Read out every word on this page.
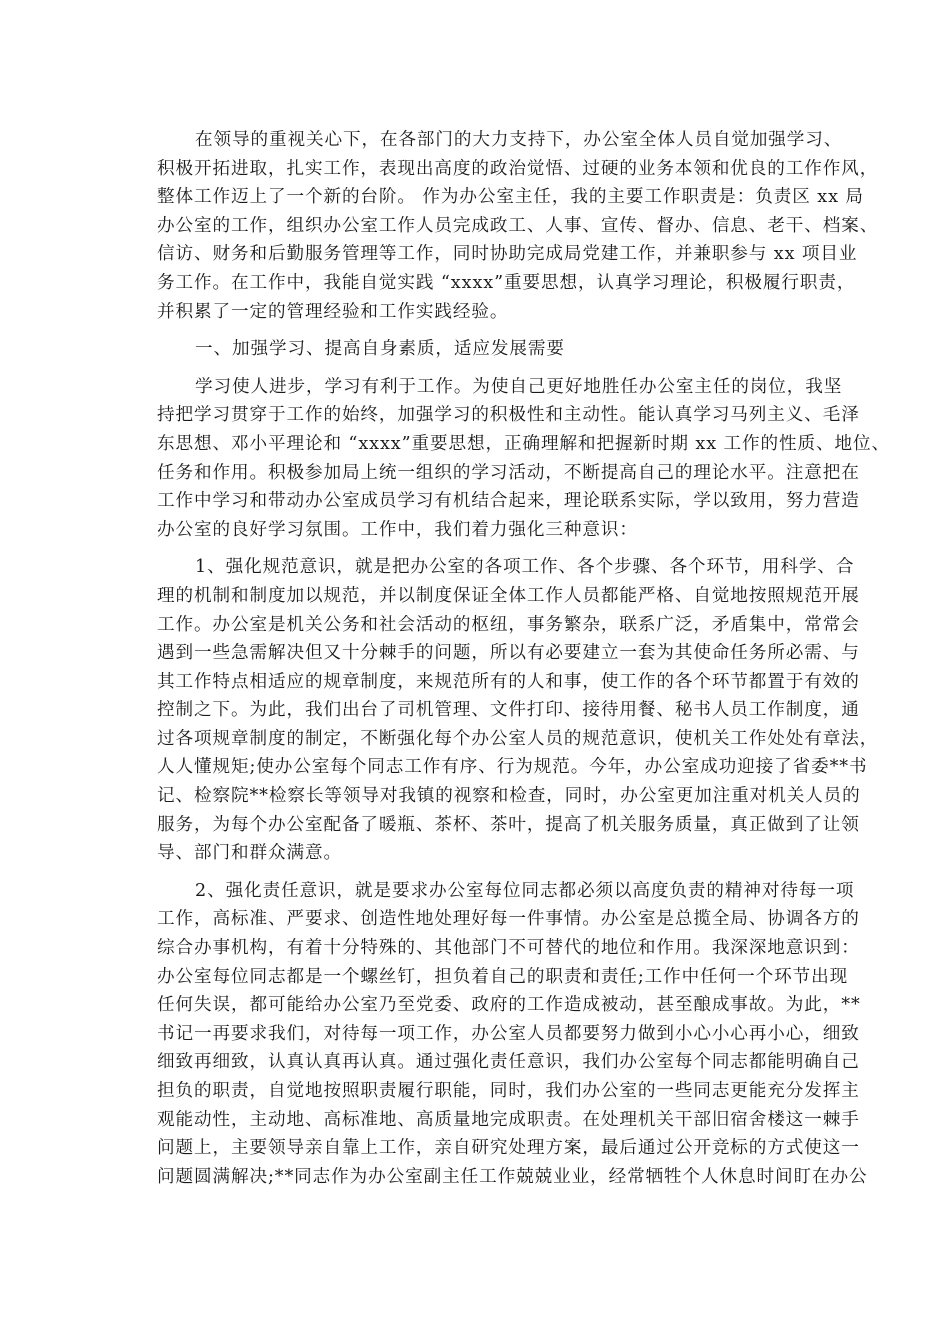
在领导的重视关心下，在各部门的大力支持下，办公室全体人员自觉加强学习、
积极开拓进取，扎实工作，表现出高度的政治觉悟、过硬的业务本领和优良的工作作风，
整体工作迈上了一个新的台阶。 作为办公室主任，我的主要工作职责是：负责区 xx 局
办公室的工作，组织办公室工作人员完成政工、人事、宣传、督办、信息、老干、档案、
信访、财务和后勤服务管理等工作，同时协助完成局党建工作，并兼职参与 xx 项目业
务工作。在工作中，我能自觉实践 “xxxx”重要思想，认真学习理论，积极履行职责，
并积累了一定的管理经验和工作实践经验。
一、加强学习、提高自身素质，适应发展需要
学习使人进步，学习有利于工作。为使自己更好地胜任办公室主任的岗位，我坚
持把学习贯穿于工作的始终，加强学习的积极性和主动性。能认真学习马列主义、毛泽
东思想、邓小平理论和 “xxxx”重要思想，正确理解和把握新时期 xx 工作的性质、地位、
任务和作用。积极参加局上统一组织的学习活动，不断提高自己的理论水平。注意把在
工作中学习和带动办公室成员学习有机结合起来，理论联系实际，学以致用，努力营造
办公室的良好学习氛围。工作中，我们着力强化三种意识：
1、强化规范意识，就是把办公室的各项工作、各个步骤、各个环节，用科学、合
理的机制和制度加以规范，并以制度保证全体工作人员都能严格、自觉地按照规范开展
工作。办公室是机关公务和社会活动的枢纽，事务繁杂，联系广泛，矛盾集中，常常会
遇到一些急需解决但又十分棘手的问题，所以有必要建立一套为其使命任务所必需、与
其工作特点相适应的规章制度，来规范所有的人和事，使工作的各个环节都置于有效的
控制之下。为此，我们出台了司机管理、文件打印、接待用餐、秘书人员工作制度，通
过各项规章制度的制定，不断强化每个办公室人员的规范意识，使机关工作处处有章法，
人人懂规矩;使办公室每个同志工作有序、行为规范。今年，办公室成功迎接了省委**书
记、检察院**检察长等领导对我镇的视察和检查，同时，办公室更加注重对机关人员的
服务，为每个办公室配备了暖瓶、茶杯、茶叶，提高了机关服务质量，真正做到了让领
导、部门和群众满意。
2、强化责任意识，就是要求办公室每位同志都必须以高度负责的精神对待每一项
工作，高标准、严要求、创造性地处理好每一件事情。办公室是总揽全局、协调各方的
综合办事机构，有着十分特殊的、其他部门不可替代的地位和作用。我深深地意识到：
办公室每位同志都是一个螺丝钉，担负着自己的职责和责任;工作中任何一个环节出现
任何失误，都可能给办公室乃至党委、政府的工作造成被动，甚至酿成事故。为此，**
书记一再要求我们，对待每一项工作，办公室人员都要努力做到小心小心再小心，细致
细致再细致，认真认真再认真。通过强化责任意识，我们办公室每个同志都能明确自己
担负的职责，自觉地按照职责履行职能，同时，我们办公室的一些同志更能充分发挥主
观能动性，主动地、高标准地、高质量地完成职责。在处理机关干部旧宿舍楼这一棘手
问题上，主要领导亲自靠上工作，亲自研究处理方案，最后通过公开竞标的方式使这一
问题圆满解决;**同志作为办公室副主任工作兢兢业业，经常牺牲个人休息时间盯在办公
